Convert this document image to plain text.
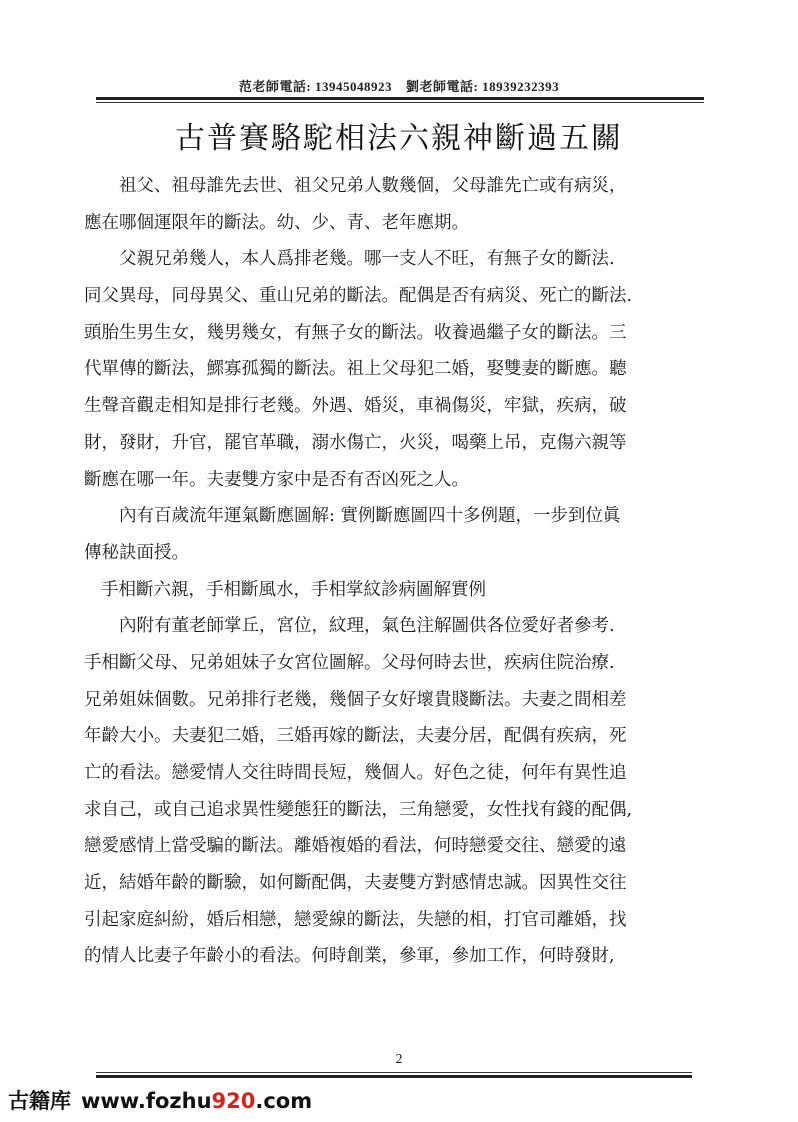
范老師電話: 13945048923 劉老師電話: 18939232393
古普賽駱駝相法六親神斷過五關
祖父、祖母誰先去世、祖父兄弟人數幾個，父母誰先亡或有病災，
應在哪個運限年的斷法。幼、少、青、老年應期。
父親兄弟幾人，本人爲排老幾。哪一支人不旺，有無子女的斷法.
同父異母，同母異父、重山兄弟的斷法。配偶是否有病災、死亡的斷法.
頭胎生男生女，幾男幾女，有無子女的斷法。收養過繼子女的斷法。三
代單傳的斷法，鰥寡孤獨的斷法。祖上父母犯二婚，娶雙妻的斷應。聽
生聲音觀走相知是排行老幾。外遇、婚災，車禍傷災，牢獄，疾病，破
財，發財，升官，罷官革職，溺水傷亡，火災，喝藥上吊，克傷六親等
斷應在哪一年。夫妻雙方家中是否有否凶死之人。
內有百歲流年運氣斷應圖解: 實例斷應圖四十多例題，一步到位眞
傳秘訣面授。
手相斷六親，手相斷風水，手相掌紋診病圖解實例
內附有董老師掌丘，宮位，紋理，氣色注解圖供各位愛好者參考.
手相斷父母、兄弟姐妹子女宮位圖解。父母何時去世，疾病住院治療.
兄弟姐妹個數。兄弟排行老幾，幾個子女好壞貴賤斷法。夫妻之間相差
年齡大小。夫妻犯二婚，三婚再嫁的斷法，夫妻分居，配偶有疾病，死
亡的看法。戀愛情人交往時間長短，幾個人。好色之徒，何年有異性追
求自己，或自己追求異性變態狂的斷法，三角戀愛，女性找有錢的配偶,
戀愛感情上當受騙的斷法。離婚複婚的看法，何時戀愛交往、戀愛的遠
近，結婚年齡的斷驗，如何斷配偶，夫妻雙方對感情忠誠。因異性交往
引起家庭糾紛，婚后相戀，戀愛線的斷法，失戀的相，打官司離婚，找
的情人比妻子年齡小的看法。何時創業，參軍，參加工作，何時發財,
2
古籍库 www.fozhu920.com
